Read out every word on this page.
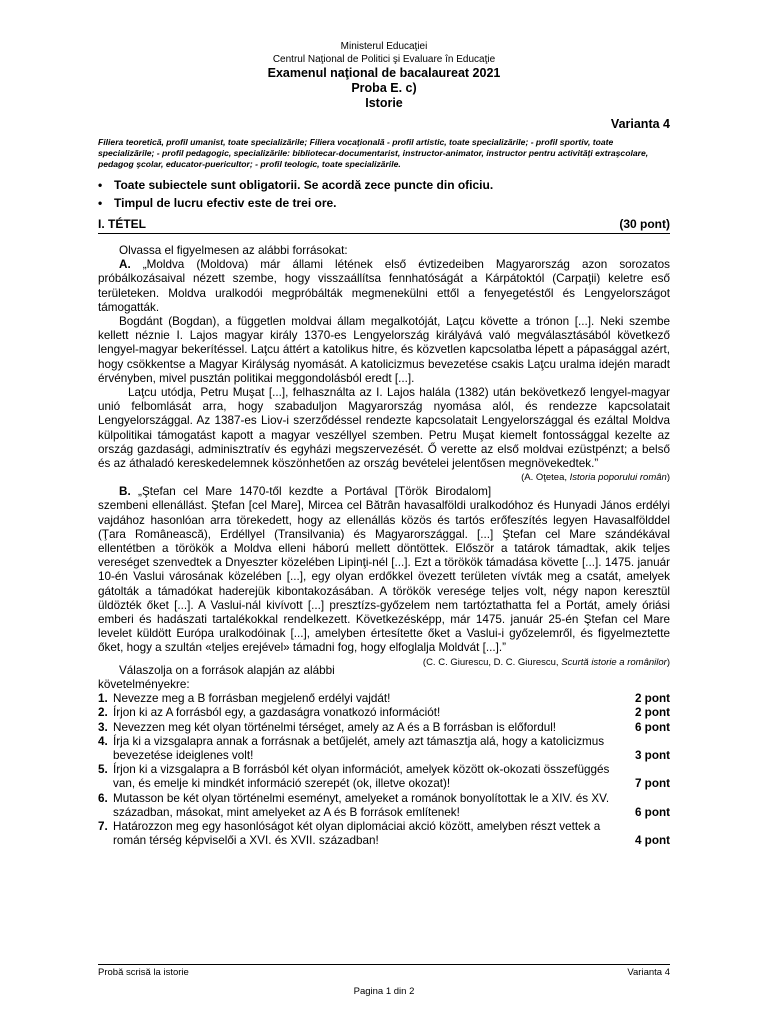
Ministerul Educaţiei
Centrul Naţional de Politici şi Evaluare în Educaţie
Examenul naţional de bacalaureat 2021
Proba E. c)
Istorie
Varianta 4
Filiera teoretică, profil umanist, toate specializările; Filiera vocaţională - profil artistic, toate specializările; - profil sportiv, toate specializările; - profil pedagogic, specializările: bibliotecar-documentarist, instructor-animator, instructor pentru activităţi extraşcolare, pedagog şcolar, educator-puericultor; - profil teologic, toate specializările.
• Toate subiectele sunt obligatorii. Se acordă zece puncte din oficiu.
• Timpul de lucru efectiv este de trei ore.
I. TÉTEL	(30 pont)

Olvassa el figyelmesen az alábbi forrásokat:

A. „Moldva (Moldova) már állami létének első évtizedeiben Magyarország azon sorozatos próbálkozásaival nézett szembe, hogy visszaállítsa fennhatóságát a Kárpátoktól (Carpaţii) keletre eső területeken. Moldva uralkodói megpróbálták megmenekülni ettől a fenyegetéstől és Lengyelországot támogatták.

Bogdánt (Bogdan), a független moldvai állam megalkotóját, Laţcu követte a trónon [...]. Neki szembe kellett néznie I. Lajos magyar király 1370-es Lengyelország királyává való megválasztásából következő lengyel-magyar bekerítéssel. Laţcu áttért a katolikus hitre, és közvetlen kapcsolatba lépett a pápasággal azért, hogy csökkentse a Magyar Királyság nyomását. A katolicizmus bevezetése csakis Laţcu uralma idején maradt érvényben, mivel pusztán politikai meggondolásból eredt [...].

Laţcu utódja, Petru Muşat [...], felhasználta az I. Lajos halála (1382) után bekövetkező lengyel-magyar unió felbomlását arra, hogy szabaduljon Magyarország nyomása alól, és rendezze kapcsolatait Lengyelországgal. Az 1387-es Liov-i szerződéssel rendezte kapcsolatait Lengyelországgal és ezáltal Moldva külpolitikai támogatást kapott a magyar veszéllyel szemben. Petru Muşat kiemelt fontossággal kezelte az ország gazdasági, adminisztratív és egyházi megszervezését. Ő verette az első moldvai ezüstpénzt; a belső és az áthaladó kereskedelemnek köszönhetően az ország bevételei jelentősen megnövekedtek.”
(A. Oţetea, Istoria poporului român)

B. „Ştefan cel Mare 1470-től kezdte a Portával [Török Birodalom] szembeni ellenállást. Ştefan [cel Mare], Mircea cel Bătrân havasalföldi uralkodóhoz és Hunyadi János erdélyi vajdához hasonlóan arra törekedett, hogy az ellenállás közös és tartós erőfeszítés legyen Havasalfölddel (Ţara Românească), Erdéllyel (Transilvania) és Magyarországgal. [...] Ştefan cel Mare szándékával ellentétben a törökök a Moldva elleni háború mellett döntöttek. Először a tatárok támadtak, akik teljes vereséget szenvedtek a Dnyeszter közelében Lipinţi-nél [...]. Ezt a törökök támadása követte [...]. 1475. január 10-én Vaslui városának közelében [...], egy olyan erdőkkel övezett területen vívták meg a csatát, amelyek gátolták a támadókat haderejük kibontakozásában. A törökök veresége teljes volt, négy napon keresztül üldözték őket [...]. A Vaslui-nál kivívott [...] presztízs-győzelem nem tartóztathatta fel a Portát, amely óriási emberi és hadászati tartalékokkal rendelkezett. Következésképp, már 1475. január 25-én Ştefan cel Mare levelet küldött Európa uralkodóinak [...], amelyben értesítette őket a Vaslui-i győzelemről, és figyelmeztette őket, hogy a szultán «teljes erejével» támadni fog, hogy elfoglalja Moldvát [...].”
(C. C. Giurescu, D. C. Giurescu, Scurtă istorie a românilor)

Válaszolja on a források alapján az alábbi követelményekre:
1. Nevezze meg a B forrásban megjelenő erdélyi vajdát!	2 pont
2. Írjon ki az A forrásból egy, a gazdaságra vonatkozó információt!	2 pont
3. Nevezzen meg két olyan történelmi térséget, amely az A és a B forrásban is előfordul!	6 pont
4. Írja ki a vizsgalapra annak a forrásnak a betűjelét, amely azt támasztja alá, hogy a katolicizmus bevezetése ideiglenes volt!	3 pont
5. Írjon ki a vizsgalapra a B forrásból két olyan információt, amelyek között ok-okozati összefüggés van, és emelje ki mindkét információ szerepét (ok, illetve okozat)!	7 pont
6. Mutasson be két olyan történelmi eseményt, amelyeket a románok bonyolítottak le a XIV. és XV. században, másokat, mint amelyeket az A és B források említenek!	6 pont
7. Határozzon meg egy hasonlóságot két olyan diplomáciai akció között, amelyben részt vettek a román térség képviselői a XVI. és XVII. században!	4 pont
Probă scrisă la istorie	Varianta 4
Pagina 1 din 2
